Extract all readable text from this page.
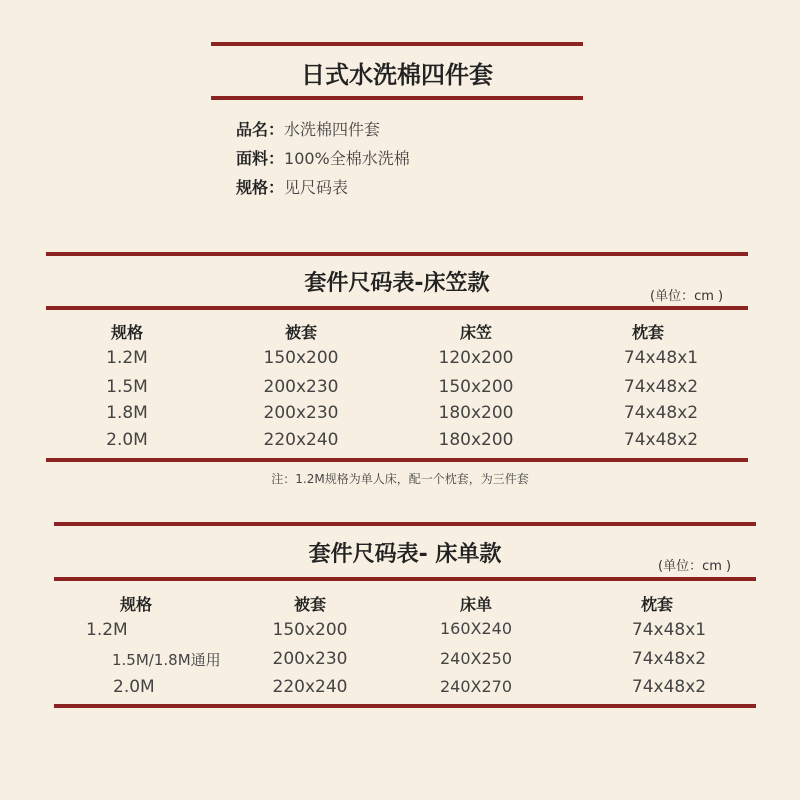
日式水洗棉四件套
品名：水洗棉四件套
面料：100%全棉水洗棉
规格：见尺码表
套件尺码表-床笠款
(单位：cm )
规格	被套	床笠	枕套
1.2M	150x200	120x200	74x48x1
1.5M	200x230	150x200	74x48x2
1.8M	200x230	180x200	74x48x2
2.0M	220x240	180x200	74x48x2
注：1.2M规格为单人床，配一个枕套，为三件套
套件尺码表- 床单款	(单位：cm )
规格	被套	床单	枕套
1.2M	150x200	160X240	74x48x1
1.5M/1.8M通用	200x230	240X250	74x48x2
2.0M	220x240	240X270	74x48x2
